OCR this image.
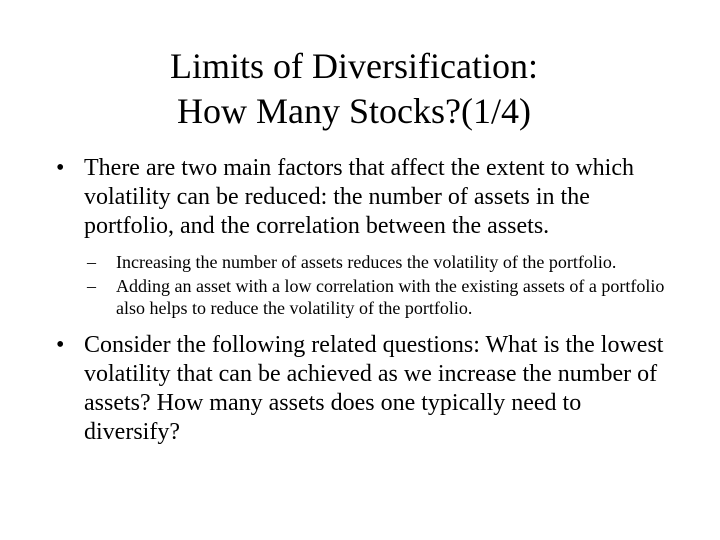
Limits of Diversification:
How Many Stocks?(1/4)
• There are two main factors that affect the extent to which volatility can be reduced: the number of assets in the portfolio, and the correlation between the assets.
–	Increasing the number of assets reduces the volatility of the portfolio.
–	Adding an asset with a low correlation with the existing assets of a portfolio also helps to reduce the volatility of the portfolio.
• Consider the following related questions: What is the lowest volatility that can be achieved as we increase the number of assets? How many assets does one typically need to diversify?
